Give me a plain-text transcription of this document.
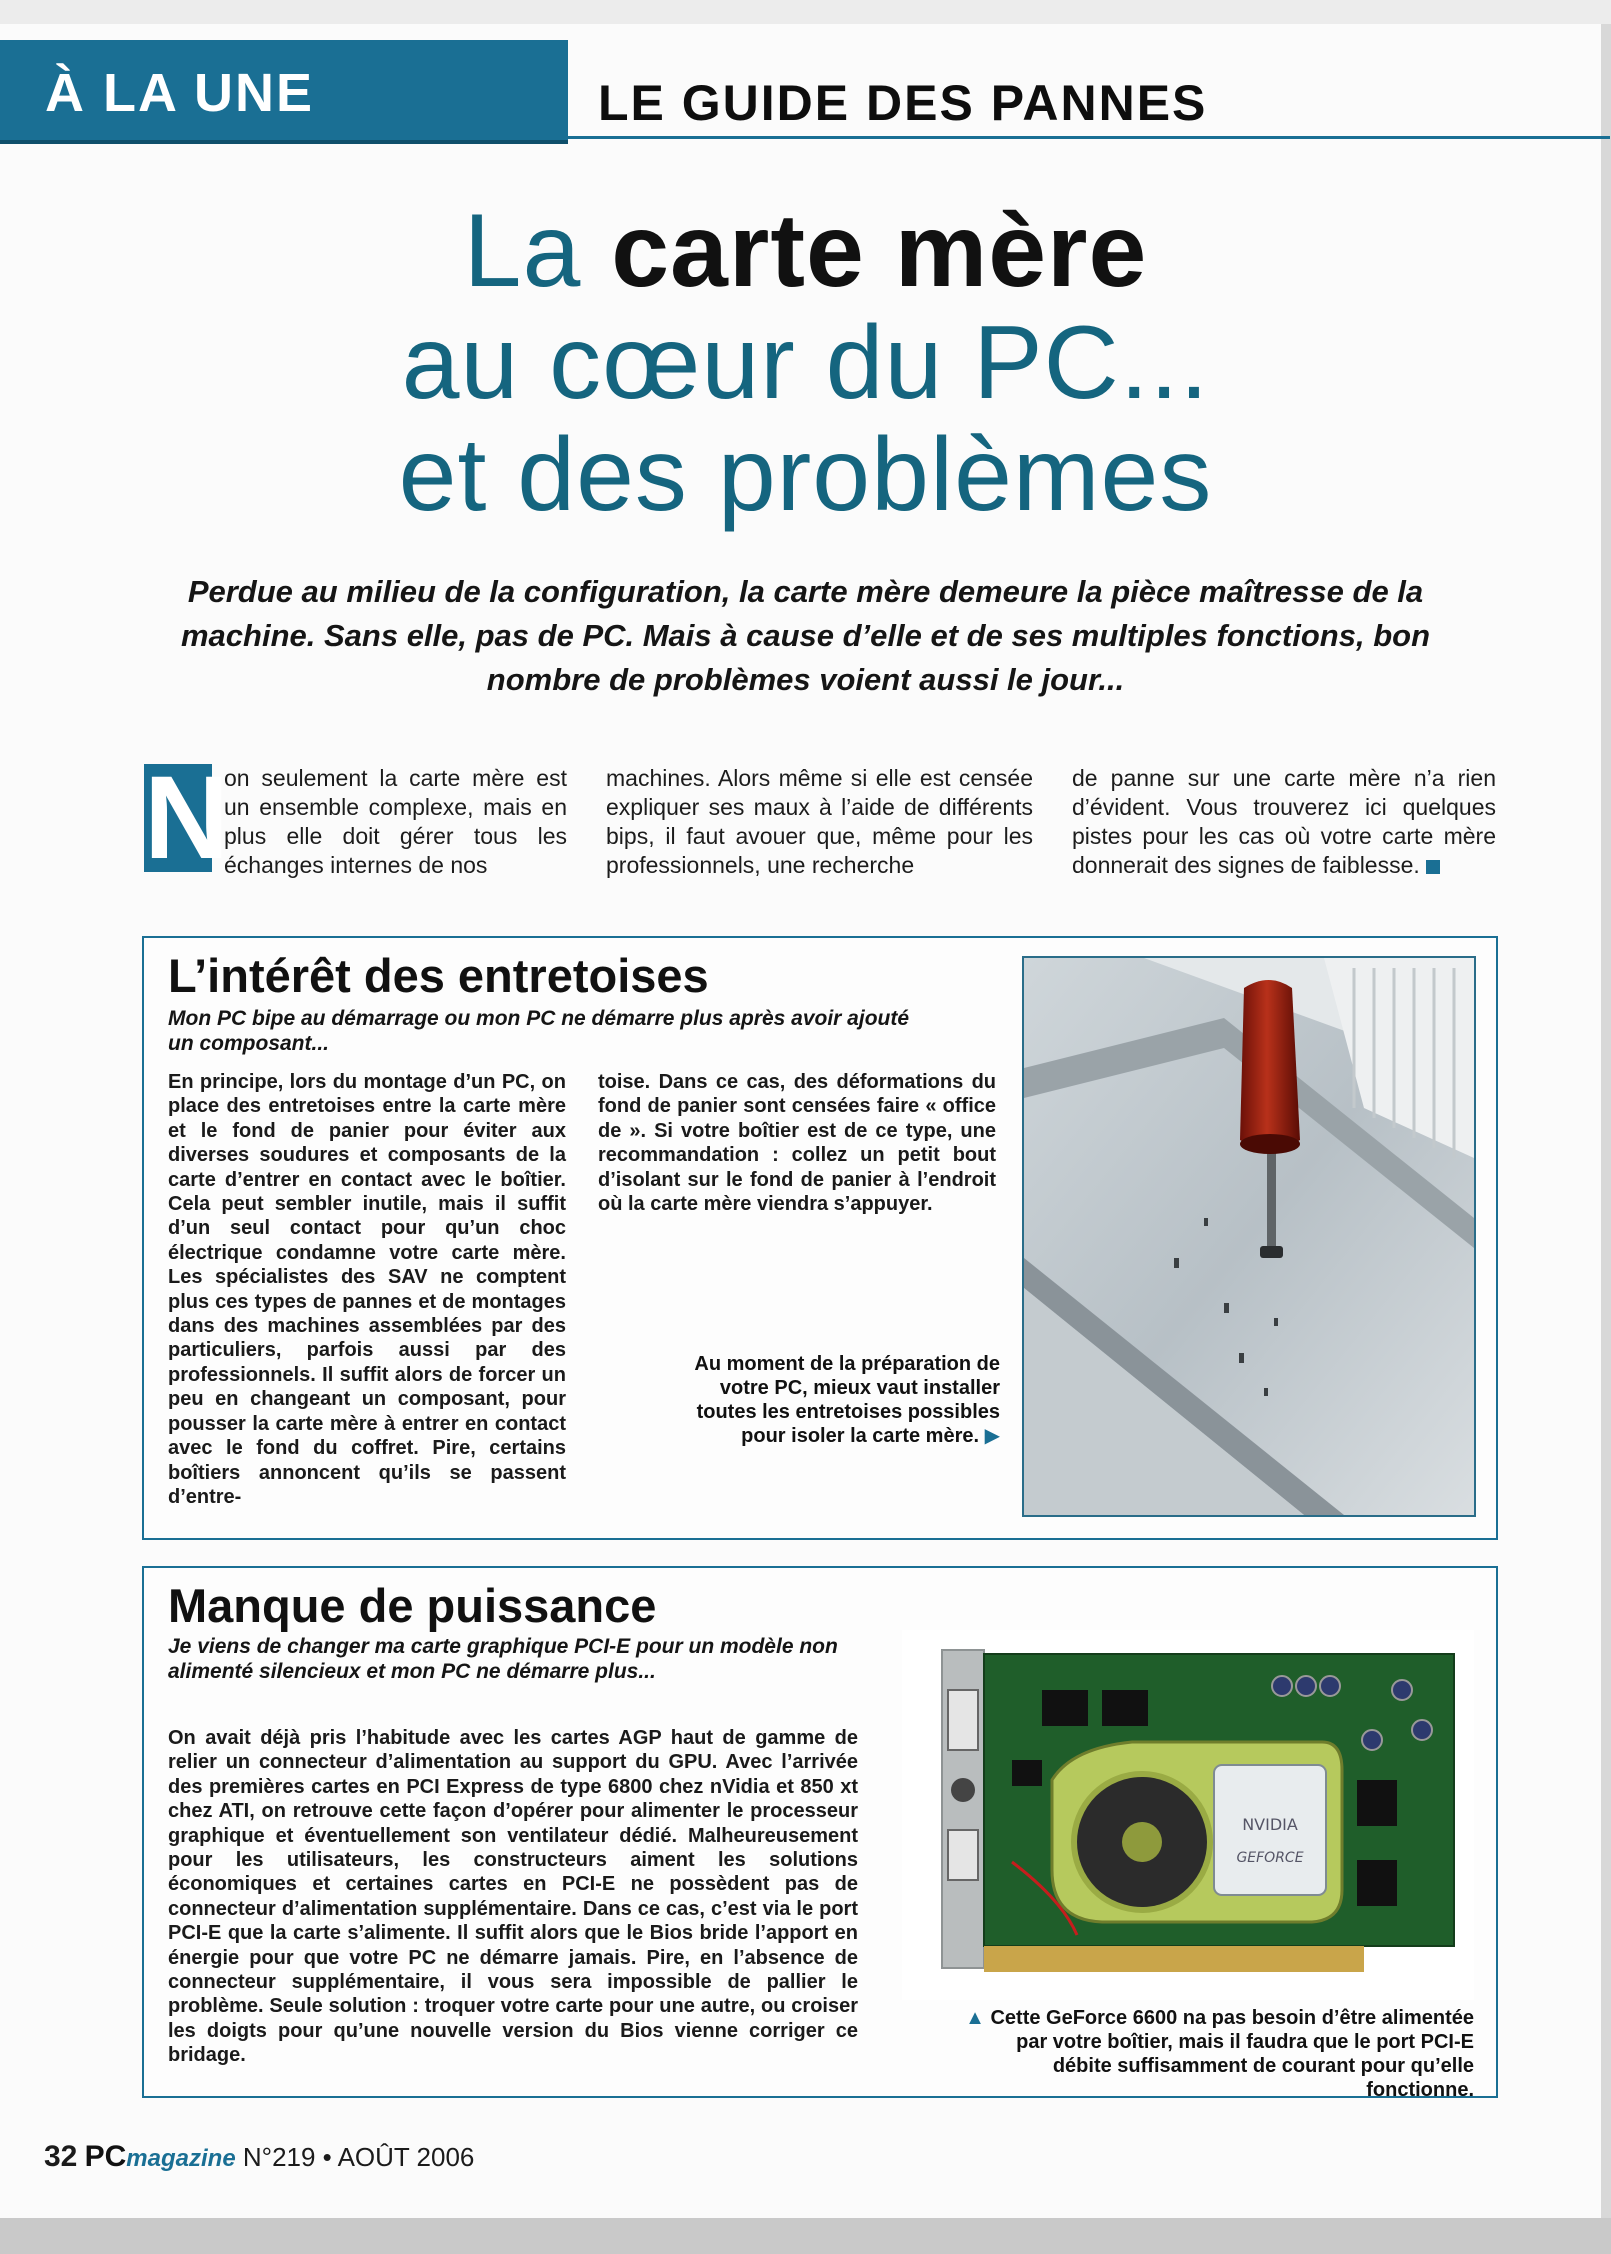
À LA UNE	LE GUIDE DES PANNES
La carte mère
au cœur du PC...
et des problèmes
Perdue au milieu de la configuration, la carte mère demeure la pièce maîtresse de la machine. Sans elle, pas de PC. Mais à cause d’elle et de ses multiples fonctions, bon nombre de problèmes voient aussi le jour...
N
on seulement la carte mère est un ensemble complexe, mais en plus elle doit gérer tous les échanges internes de nos
machines. Alors même si elle est censée expliquer ses maux à l’aide de différents bips, il faut avouer que, même pour les professionnels, une recherche
de panne sur une carte mère n’a rien d’évident. Vous trouverez ici quelques pistes pour les cas où votre carte mère donnerait des signes de faiblesse.
L’intérêt des entretoises
Mon PC bipe au démarrage ou mon PC ne démarre plus après avoir ajouté un composant...
En principe, lors du montage d’un PC, on place des entretoises entre la carte mère et le fond de panier pour éviter aux diverses soudures et composants de la carte d’entrer en contact avec le boîtier. Cela peut sembler inutile, mais il suffit d’un seul contact pour qu’un choc électrique condamne votre carte mère. Les spécialistes des SAV ne comptent plus ces types de pannes et de montages dans des machines assemblées par des particuliers, parfois aussi par des professionnels. Il suffit alors de forcer un peu en changeant un composant, pour pousser la carte mère à entrer en contact avec le fond du coffret. Pire, certains boîtiers annoncent qu’ils se passent d’entre-
toise. Dans ce cas, des déformations du fond de panier sont censées faire « office de ». Si votre boîtier est de ce type, une recommandation : collez un petit bout d’isolant sur le fond de panier à l’endroit où la carte mère viendra s’appuyer.
Au moment de la préparation de votre PC, mieux vaut installer toutes les entretoises possibles pour isoler la carte mère. ▶
Manque de puissance
Je viens de changer ma carte graphique PCI-E pour un modèle non alimenté silencieux et mon PC ne démarre plus...
On avait déjà pris l’habitude avec les cartes AGP haut de gamme de relier un connecteur d’alimentation au support du GPU. Avec l’arrivée des premières cartes en PCI Express de type 6800 chez nVidia et 850 xt chez ATI, on retrouve cette façon d’opérer pour alimenter le processeur graphique et éventuellement son ventilateur dédié. Malheureusement pour les utilisateurs, les constructeurs aiment les solutions économiques et certaines cartes en PCI-E ne possèdent pas de connecteur d’alimentation supplémentaire. Dans ce cas, c’est via le port PCI-E que la carte s’alimente. Il suffit alors que le Bios bride l’apport en énergie pour que votre PC ne démarre jamais. Pire, en l’absence de connecteur supplémentaire, il vous sera impossible de pallier le problème. Seule solution : troquer votre carte pour une autre, ou croiser les doigts pour qu’une nouvelle version du Bios vienne corriger ce bridage.
NVIDIA
GEFORCE
▲ Cette GeForce 6600 na pas besoin d’être alimentée par votre boîtier, mais il faudra que le port PCI-E débite suffisamment de courant pour qu’elle fonctionne.
32 PCmagazine N°219 • AOÛT 2006
